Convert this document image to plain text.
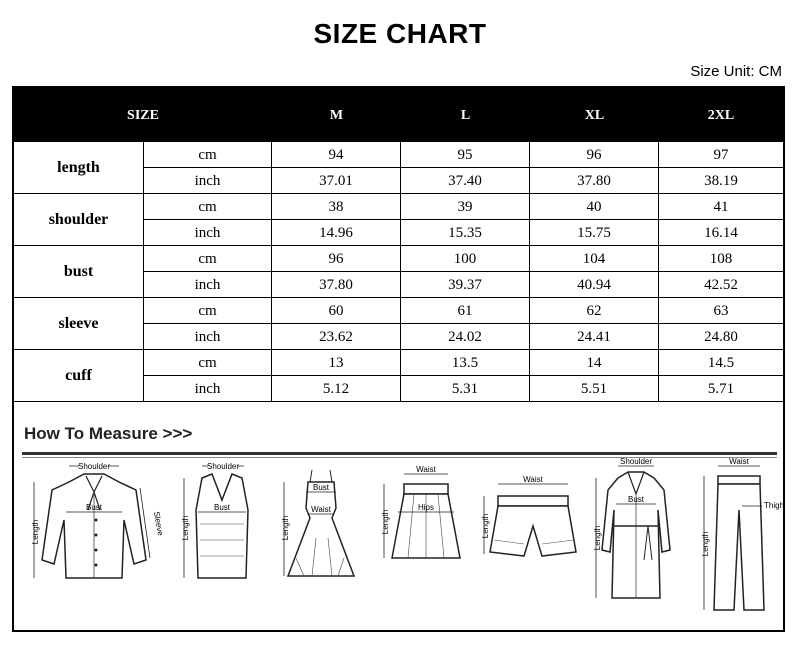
SIZE CHART
Size Unit: CM
SIZE	M	L	XL	2XL
length
cm	94	95	96	97
inch	37.01	37.40	37.80	38.19
shoulder
cm	38	39	40	41
inch	14.96	15.35	15.75	16.14
bust
cm	96	100	104	108
inch	37.80	39.37	40.94	42.52
sleeve
cm	60	61	62	63
inch	23.62	24.02	24.41	24.80
cuff
cm	13	13.5	14	14.5
inch	5.12	5.31	5.51	5.71
How To Measure >>>
Shoulder
Bust
Length	Sleeve
Shoulder
Bust
Length
Bust
Waist
Length
Waist
Hips
Length
Waist
Length
Shoulder
Bust
Length
Waist
Thigh
Length
